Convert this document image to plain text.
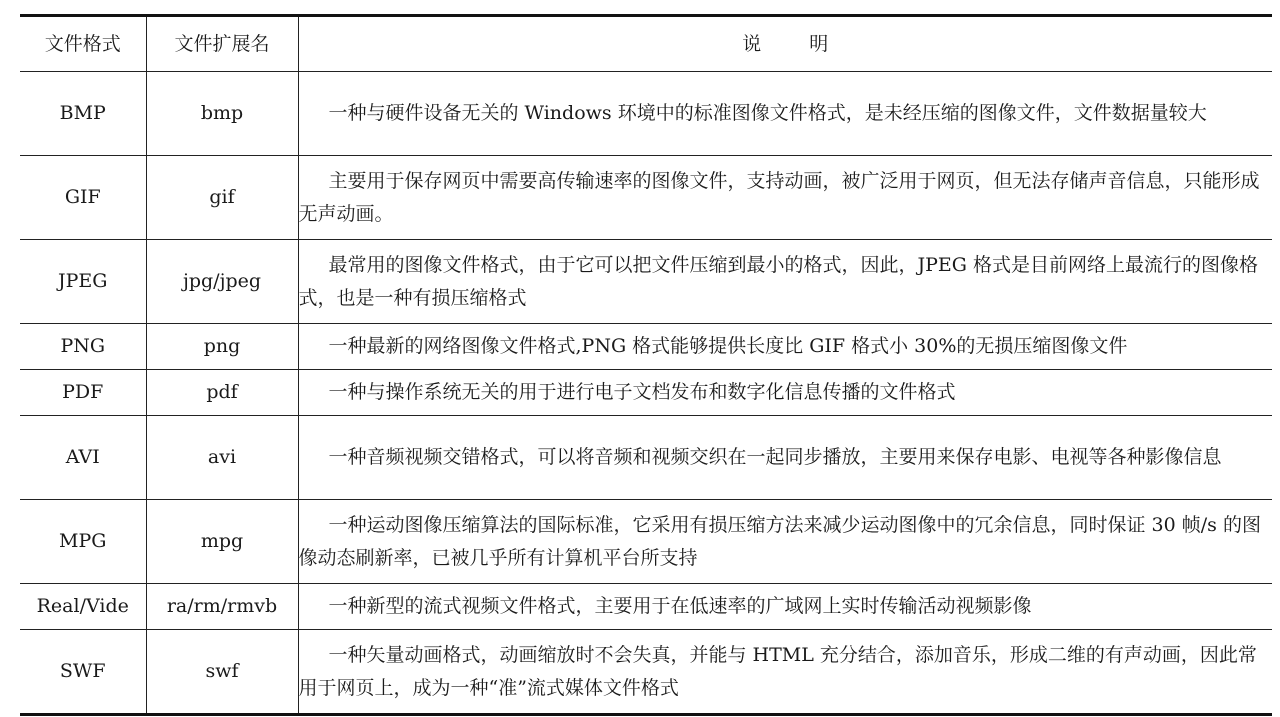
文件格式	文件扩展名	说明
BMP	bmp	一种与硬件设备无关的 Windows 环境中的标准图像文件格式，是未经压缩的图像文件，文件数据量较大
GIF	gif	主要用于保存网页中需要高传输速率的图像文件，支持动画，被广泛用于网页，但无法存储声音信息，只能形成无声动画。
JPEG	jpg/jpeg	最常用的图像文件格式，由于它可以把文件压缩到最小的格式，因此，JPEG 格式是目前网络上最流行的图像格式，也是一种有损压缩格式
PNG	png	一种最新的网络图像文件格式,PNG 格式能够提供长度比 GIF 格式小 30%的无损压缩图像文件
PDF	pdf	一种与操作系统无关的用于进行电子文档发布和数字化信息传播的文件格式
AVI	avi	一种音频视频交错格式，可以将音频和视频交织在一起同步播放，主要用来保存电影、电视等各种影像信息
MPG	mpg	一种运动图像压缩算法的国际标准，它采用有损压缩方法来减少运动图像中的冗余信息，同时保证 30 帧/s 的图像动态刷新率，已被几乎所有计算机平台所支持
Real/Vide	ra/rm/rmvb	一种新型的流式视频文件格式，主要用于在低速率的广域网上实时传输活动视频影像
SWF	swf	一种矢量动画格式，动画缩放时不会失真，并能与 HTML 充分结合，添加音乐，形成二维的有声动画，因此常用于网页上，成为一种“准”流式媒体文件格式
